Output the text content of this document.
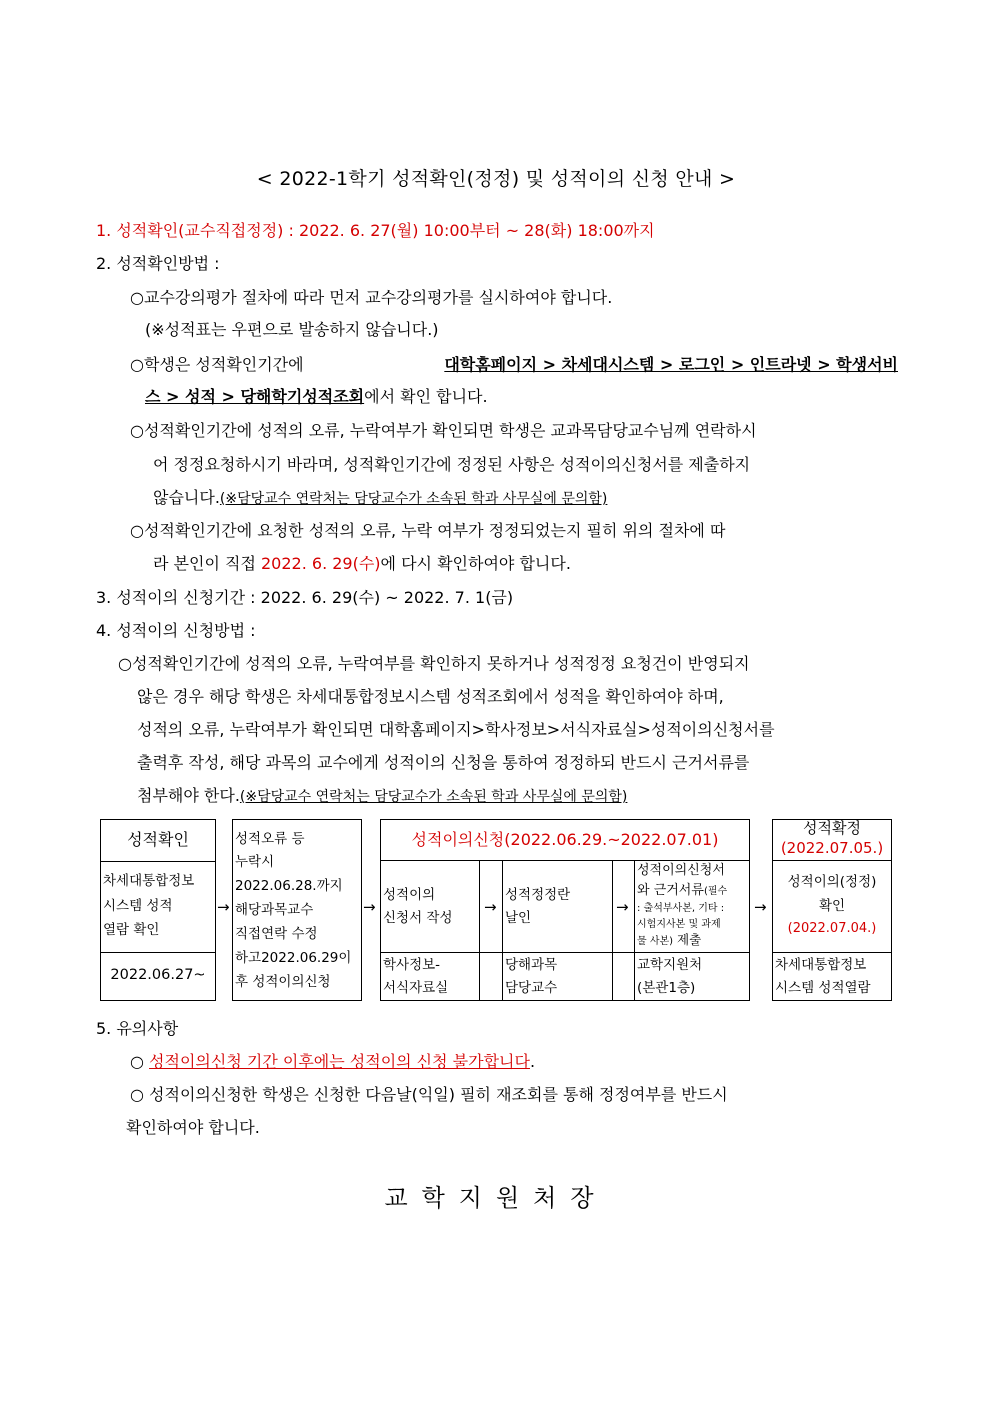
< 2022-1학기 성적확인(정정) 및 성적이의 신청 안내 >
1. 성적확인(교수직접정정) : 2022. 6. 27(월) 10:00부터 ~ 28(화) 18:00까지
2. 성적확인방법 :
○교수강의평가 절차에 따라 먼저 교수강의평가를 실시하여야 합니다.
(※성적표는 우편으로 발송하지 않습니다.)
○학생은 성적확인기간에	대학홈페이지 > 차세대시스템 > 로그인 > 인트라넷 > 학생서비
스 > 성적 > 당해학기성적조회에서 확인 합니다.
○성적확인기간에 성적의 오류, 누락여부가 확인되면 학생은 교과목담당교수님께 연락하시
어 정정요청하시기 바라며, 성적확인기간에 정정된 사항은 성적이의신청서를 제출하지
않습니다.(※담당교수 연락처는 담당교수가 소속된 학과 사무실에 문의함)
○성적확인기간에 요청한 성적의 오류, 누락 여부가 정정되었는지 필히 위의 절차에 따
라 본인이 직접 2022. 6. 29(수)에 다시 확인하여야 합니다.
3. 성적이의 신청기간 : 2022. 6. 29(수) ~ 2022. 7. 1(금)
4. 성적이의 신청방법 :
○성적확인기간에 성적의 오류, 누락여부를 확인하지 못하거나 성적정정 요청건이 반영되지
않은 경우 해당 학생은 차세대통합정보시스템 성적조회에서 성적을 확인하여야 하며,
성적의 오류, 누락여부가 확인되면 대학홈페이지>학사정보>서식자료실>성적이의신청서를
출력후 작성, 해당 과목의 교수에게 성적이의 신청을 통하여 정정하되 반드시 근거서류를
첨부해야 한다.(※담당교수 연락처는 담당교수가 소속된 학과 사무실에 문의함)
성적확인
차세대통합정보
시스템 성적
열람 확인
2022.06.27~
→
성적오류 등
누락시
2022.06.28.까지
해당과목교수
직접연락 수정
하고2022.06.29이
후 성적이의신청
→
성적이의신청(2022.06.29.~2022.07.01)
성적이의
신청서 작성
학사정보-
서식자료실
→
성적정정란
날인
당해과목
담당교수
→
성적이의신청서
와 근거서류(필수
: 출석부사본, 기타 :
시험지사본 및 과제
물 사본) 제출
교학지원처
(본관1층)
→
성적확정
(2022.07.05.)
성적이의(정정)
확인
(2022.07.04.)
차세대통합정보
시스템 성적열람
5. 유의사항
○ 성적이의신청 기간 이후에는 성적이의 신청 불가합니다.
○ 성적이의신청한 학생은 신청한 다음날(익일) 필히 재조회를 통해 정정여부를 반드시
확인하여야 합니다.
교학지원처장
